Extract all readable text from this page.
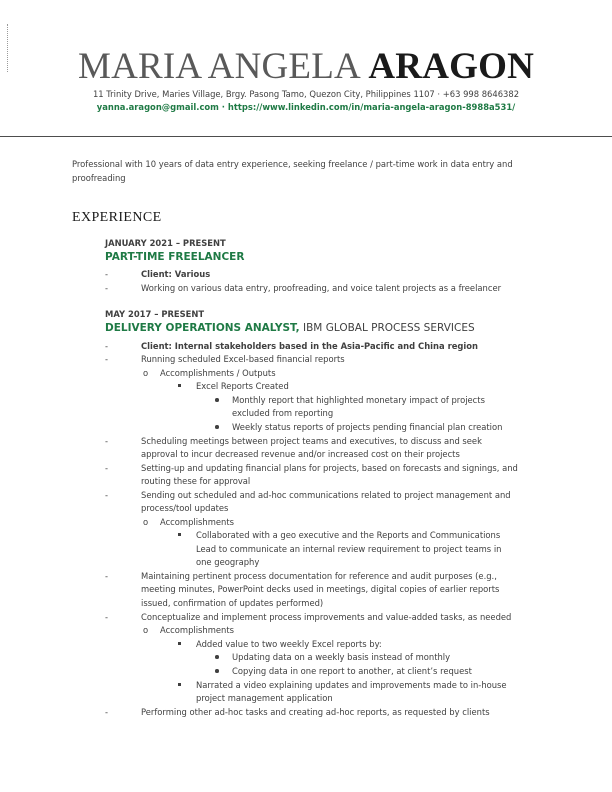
MARIA ANGELA ARAGON
11 Trinity Drive, Maries Village, Brgy. Pasong Tamo, Quezon City, Philippines 1107 · +63 998 8646382
yanna.aragon@gmail.com · https://www.linkedin.com/in/maria-angela-aragon-8988a531/
Professional with 10 years of data entry experience, seeking freelance / part-time work in data entry and proofreading
EXPERIENCE
JANUARY 2021 – PRESENT
PART-TIME FREELANCER
-	Client: Various
-	Working on various data entry, proofreading, and voice talent projects as a freelancer
MAY 2017 – PRESENT
DELIVERY OPERATIONS ANALYST, IBM GLOBAL PROCESS SERVICES
-	Client: Internal stakeholders based in the Asia-Pacific and China region
-	Running scheduled Excel-based financial reports
o Accomplishments / Outputs
Excel Reports Created
Monthly report that highlighted monetary impact of projects
excluded from reporting
Weekly status reports of projects pending financial plan creation
-	Scheduling meetings between project teams and executives, to discuss and seek
approval to incur decreased revenue and/or increased cost on their projects
-	Setting-up and updating financial plans for projects, based on forecasts and signings, and
routing these for approval
-	Sending out scheduled and ad-hoc communications related to project management and
process/tool updates
o Accomplishments
Collaborated with a geo executive and the Reports and Communications
Lead to communicate an internal review requirement to project teams in
one geography
-	Maintaining pertinent process documentation for reference and audit purposes (e.g.,
meeting minutes, PowerPoint decks used in meetings, digital copies of earlier reports
issued, confirmation of updates performed)
-	Conceptualize and implement process improvements and value-added tasks, as needed
o Accomplishments
Added value to two weekly Excel reports by:
Updating data on a weekly basis instead of monthly
Copying data in one report to another, at client’s request
Narrated a video explaining updates and improvements made to in-house
project management application
-	Performing other ad-hoc tasks and creating ad-hoc reports, as requested by clients
